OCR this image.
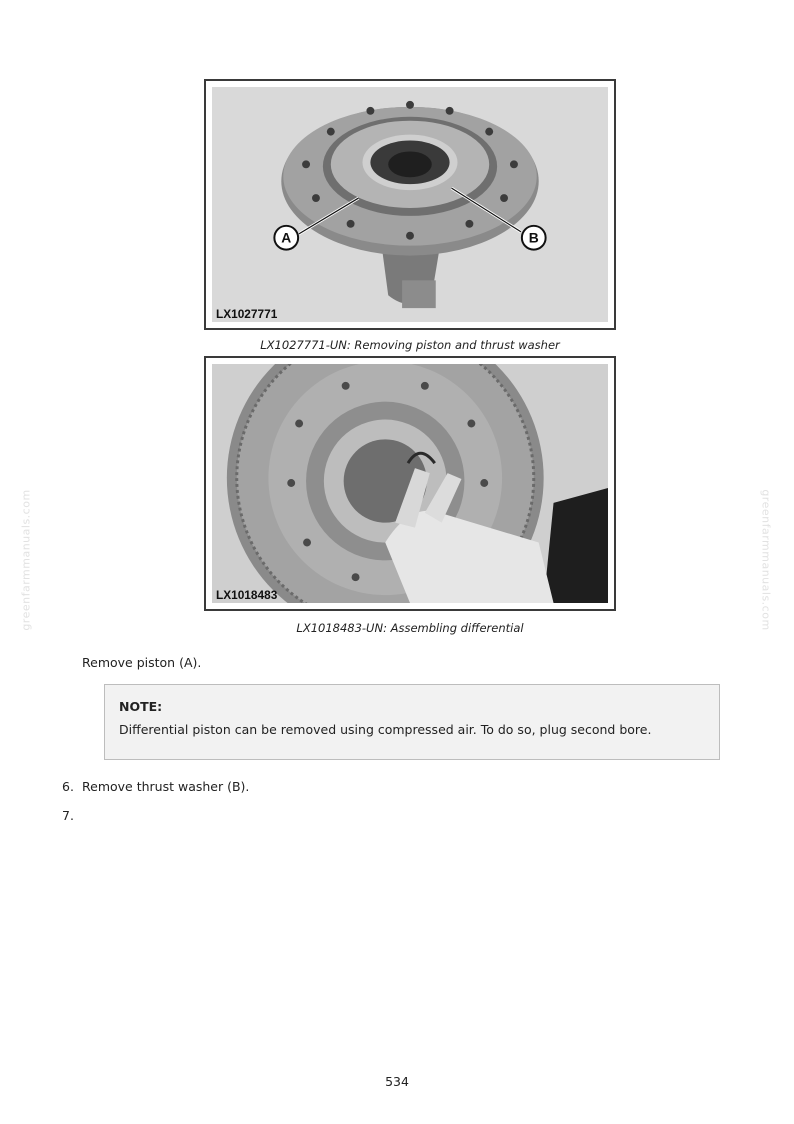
greenfarmmanuals.com	greenfarmmanuals.com
A	B
LX1027771
LX1027771-UN: Removing piston and thrust washer
LX1018483
LX1018483-UN: Assembling differential
Remove piston (A).
NOTE:
Differential piston can be removed using compressed air. To do so, plug second bore.
6. Remove thrust washer (B).
7.
534
